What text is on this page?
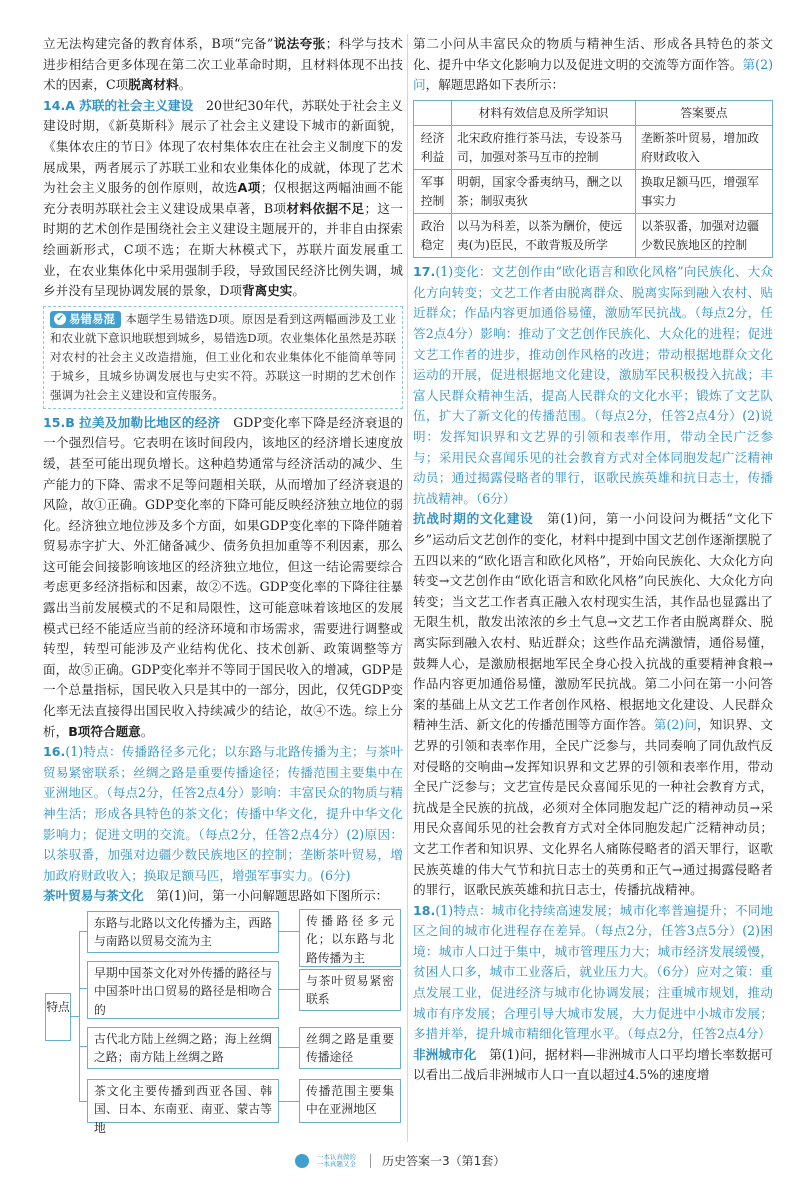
立无法构建完备的教育体系，B项“完备”说法夸张；科学与技术进步相结合更多体现在第二次工业革命时期，且材料体现不出技术的因素，C项脱离材料。

14.A 苏联的社会主义建设　 20世纪30年代，苏联处于社会主义建设时期，《新莫斯科》展示了社会主义建设下城市的新面貌，《集体农庄的节日》体现了农村集体农庄在社会主义制度下的发展成果，两者展示了苏联工业和农业集体化的成就，体现了艺术为社会主义服务的创作原则，故选A项；仅根据这两幅油画不能充分表明苏联社会主义建设成果卓著，B项材料依据不足；这一时期的艺术创作是围绕社会主义建设主题展开的，并非自由探索绘画新形式，C项不选；在斯大林模式下，苏联片面发展重工业，在农业集体化中采用强制手段，导致国民经济比例失调，城乡并没有呈现协调发展的景象，D项背离史实。

✔ 易错易混 本题学生易错选D项。原因是看到这两幅画涉及工业和农业就下意识地联想到城乡，易错选D项。农业集体化虽然是苏联对农村的社会主义改造措施，但工业化和农业集体化不能简单等同于城乡，且城乡协调发展也与史实不符。苏联这一时期的艺术创作强调为社会主义建设和宣传服务。

15.B 拉美及加勒比地区的经济　 GDP变化率下降是经济衰退的一个强烈信号。它表明在该时间段内，该地区的经济增长速度放缓，甚至可能出现负增长。这种趋势通常与经济活动的减少、生产能力的下降、需求不足等问题相关联，从而增加了经济衰退的风险，故①正确。GDP变化率的下降可能反映经济独立地位的弱化。经济独立地位涉及多个方面，如果GDP变化率的下降伴随着贸易赤字扩大、外汇储备减少、债务负担加重等不利因素，那么这可能会间接影响该地区的经济独立地位，但这一结论需要综合考虑更多经济指标和因素，故②不选。GDP变化率的下降往往暴露出当前发展模式的不足和局限性，这可能意味着该地区的发展模式已经不能适应当前的经济环境和市场需求，需要进行调整或转型，转型可能涉及产业结构优化、技术创新、政策调整等方面，故⑤正确。GDP变化率并不等同于国民收入的增减，GDP是一个总量指标，国民收入只是其中的一部分，因此，仅凭GDP变化率无法直接得出国民收入持续减少的结论，故④不选。综上分析，B项符合题意。

16.(1)特点：传播路径多元化；以东路与北路传播为主；与茶叶贸易紧密联系；丝绸之路是重要传播途径；传播范围主要集中在亚洲地区。（每点2分，任答2点4分）影响：丰富民众的物质与精神生活；形成各具特色的茶文化；传播中华文化，提升中华文化影响力；促进文明的交流。（每点2分，任答2点4分）(2)原因：以茶驭番，加强对边疆少数民族地区的控制；垄断茶叶贸易，增加政府财政收入；换取足额马匹，增强军事实力。(6分)

茶叶贸易与茶文化　 第(1)问，第一小问解题思路如下图所示：

特点
东路与北路以文化传播为主，西路与南路以贸易交流为主
早期中国茶文化对外传播的路径与中国茶叶出口贸易的路径是相吻合的
古代北方陆上丝绸之路；海上丝绸之路；南方陆上丝绸之路
茶文化主要传播到西亚各国、韩国、日本、东南亚、南亚、蒙古等地
传播路径多元化；以东路与北路传播为主
与茶叶贸易紧密联系
丝绸之路是重要传播途径
传播范围主要集中在亚洲地区

第二小问从丰富民众的物质与精神生活、形成各具特色的茶文化、提升中华文化影响力以及促进文明的交流等方面作答。第(2)问，解题思路如下表所示：

	材料有效信息及所学知识	答案要点
经济利益	北宋政府推行茶马法，专设茶马司，加强对茶马互市的控制	垄断茶叶贸易，增加政府财政收入
军事控制	明朝，国家令番夷纳马，酬之以茶；制驭夷狄	换取足额马匹，增强军事实力
政治稳定	以马为科差，以茶为酬价，使远夷(为)臣民，不敢背叛及所学	以茶驭番，加强对边疆少数民族地区的控制

17.(1)变化：文艺创作由“欧化语言和欧化风格”向民族化、大众化方向转变；文艺工作者由脱离群众、脱离实际到融入农村、贴近群众；作品内容更加通俗易懂，激励军民抗战。（每点2分，任答2点4分）影响：推动了文艺创作民族化、大众化的进程；促进文艺工作者的进步，推动创作风格的改进；带动根据地群众文化运动的开展，促进根据地文化建设，激励军民积极投入抗战；丰富人民群众精神生活，提高人民群众的文化水平；锻炼了文艺队伍，扩大了新文化的传播范围。（每点2分，任答2点4分）(2)说明：发挥知识界和文艺界的引领和表率作用，带动全民广泛参与；采用民众喜闻乐见的社会教育方式对全体同胞发起广泛精神动员；通过揭露侵略者的罪行，讴歌民族英雄和抗日志士，传播抗战精神。（6分）

抗战时期的文化建设　 第(1)问，第一小问设问为概括“文化下乡”运动后文艺创作的变化，材料中提到中国文艺创作逐渐摆脱了五四以来的“欧化语言和欧化风格”，开始向民族化、大众化方向转变→文艺创作由“欧化语言和欧化风格”向民族化、大众化方向转变；当文艺工作者真正融入农村现实生活，其作品也显露出了无限生机，散发出浓浓的乡土气息→文艺工作者由脱离群众、脱离实际到融入农村、贴近群众；这些作品充满激情，通俗易懂，鼓舞人心，是激励根据地军民全身心投入抗战的重要精神食粮→作品内容更加通俗易懂，激励军民抗战。第二小问在第一小问答案的基础上从文艺工作者创作风格、根据地文化建设、人民群众精神生活、新文化的传播范围等方面作答。第(2)问，知识界、文艺界的引领和表率作用，全民广泛参与，共同奏响了同仇敌忾反对侵略的交响曲→发挥知识界和文艺界的引领和表率作用，带动全民广泛参与；文艺宣传是民众喜闻乐见的一种社会教育方式，抗战是全民族的抗战，必须对全体同胞发起广泛的精神动员→采用民众喜闻乐见的社会教育方式对全体同胞发起广泛精神动员；文艺工作者和知识界、文化界名人痛陈侵略者的滔天罪行，讴歌民族英雄的伟大气节和抗日志士的英勇和正气→通过揭露侵略者的罪行，讴歌民族英雄和抗日志士，传播抗战精神。

18.(1)特点：城市化持续高速发展；城市化率普遍提升；不同地区之间的城市化进程存在差异。（每点2分，任答3点5分）(2)困境：城市人口过于集中，城市管理压力大；城市经济发展缓慢，贫困人口多，城市工业落后，就业压力大。（6分）应对之策：重点发展工业，促进经济与城市化协调发展；注重城市规划，推动城市有序发展；合理引导大城市发展，大力促进中小城市发展；多措并举，提升城市精细化管理水平。（每点2分，任答2点4分）

非洲城市化　 第(1)问，据材料—非洲城市人口平均增长率数据可以看出二战后非洲城市人口一直以超过4.5%的速度增

一本认真做的
一本真题又全 历史答案一3（第1套）
